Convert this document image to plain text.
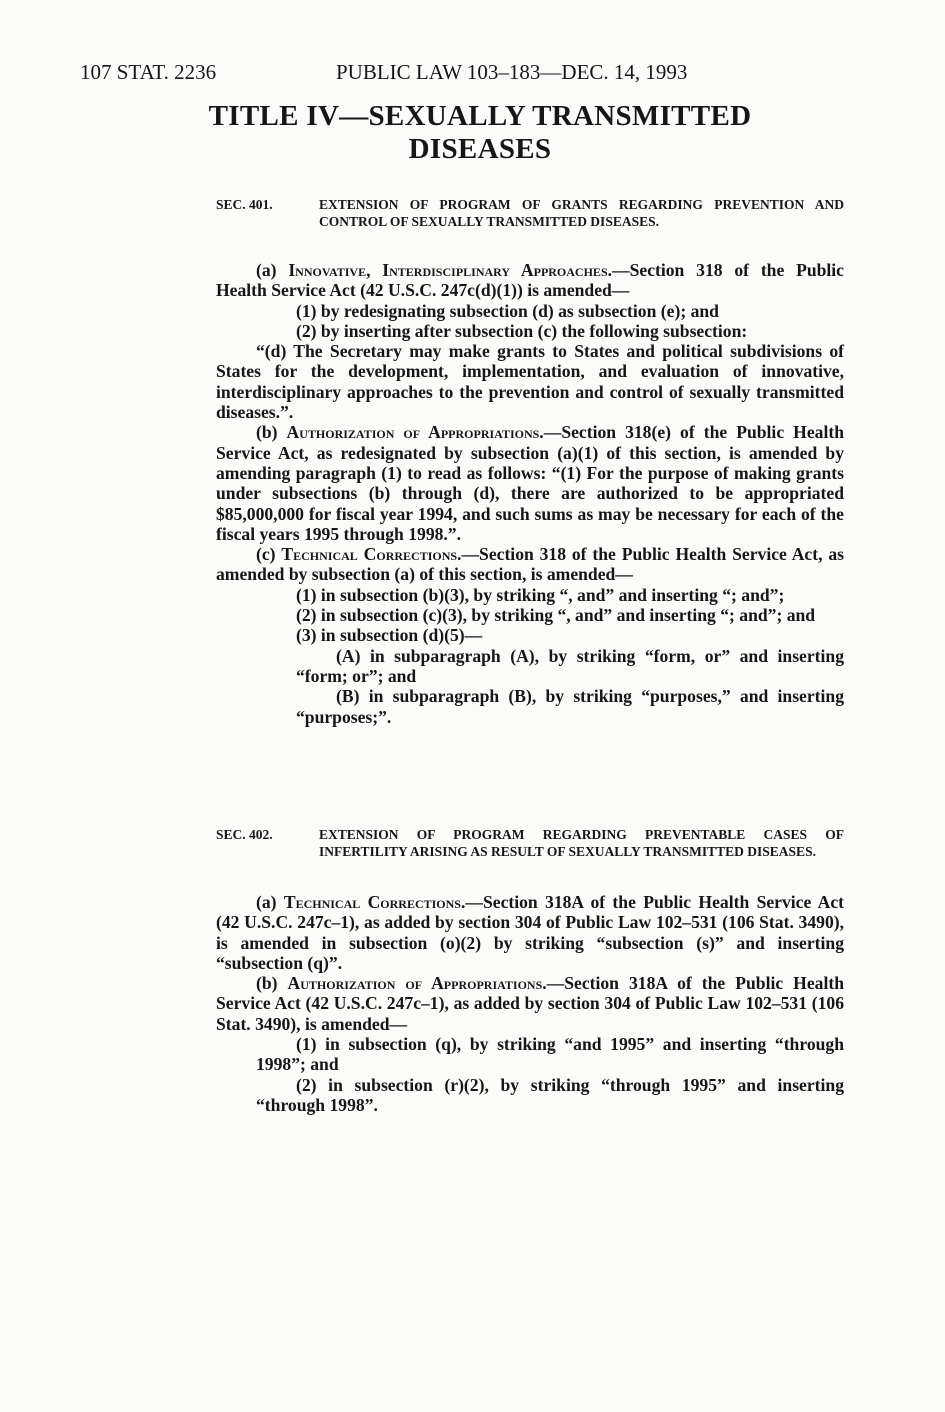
107 STAT. 2236	PUBLIC LAW 103–183—DEC. 14, 1993
TITLE IV—SEXUALLY TRANSMITTED
DISEASES
SEC. 401.	EXTENSION OF PROGRAM OF GRANTS REGARDING PREVENTION AND CONTROL OF SEXUALLY TRANSMITTED DISEASES.

(a) Innovative, Interdisciplinary Approaches.—Section 318 of the Public Health Service Act (42 U.S.C. 247c(d)(1)) is amended—

(1) by redesignating subsection (d) as subsection (e); and

(2) by inserting after subsection (c) the following subsection:

“(d) The Secretary may make grants to States and political subdivisions of States for the development, implementation, and evaluation of innovative, interdisciplinary approaches to the prevention and control of sexually transmitted diseases.”.

(b) Authorization of Appropriations.—Section 318(e) of the Public Health Service Act, as redesignated by subsection (a)(1) of this section, is amended by amending paragraph (1) to read as follows: “(1) For the purpose of making grants under subsections (b) through (d), there are authorized to be appropriated $85,000,000 for fiscal year 1994, and such sums as may be necessary for each of the fiscal years 1995 through 1998.”.

(c) Technical Corrections.—Section 318 of the Public Health Service Act, as amended by subsection (a) of this section, is amended—

(1) in subsection (b)(3), by striking “, and” and inserting “; and”;

(2) in subsection (c)(3), by striking “, and” and inserting “; and”; and

(3) in subsection (d)(5)—

(A) in subparagraph (A), by striking “form, or” and inserting “form; or”; and

(B) in subparagraph (B), by striking “purposes,” and inserting “purposes;”.

SEC. 402.	EXTENSION OF PROGRAM REGARDING PREVENTABLE CASES OF INFERTILITY ARISING AS RESULT OF SEXUALLY TRANSMITTED DISEASES.

(a) Technical Corrections.—Section 318A of the Public Health Service Act (42 U.S.C. 247c–1), as added by section 304 of Public Law 102–531 (106 Stat. 3490), is amended in subsection (o)(2) by striking “subsection (s)” and inserting “subsection (q)”.

(b) Authorization of Appropriations.—Section 318A of the Public Health Service Act (42 U.S.C. 247c–1), as added by section 304 of Public Law 102–531 (106 Stat. 3490), is amended—

(1) in subsection (q), by striking “and 1995” and inserting “through 1998”; and

(2) in subsection (r)(2), by striking “through 1995” and inserting “through 1998”.
